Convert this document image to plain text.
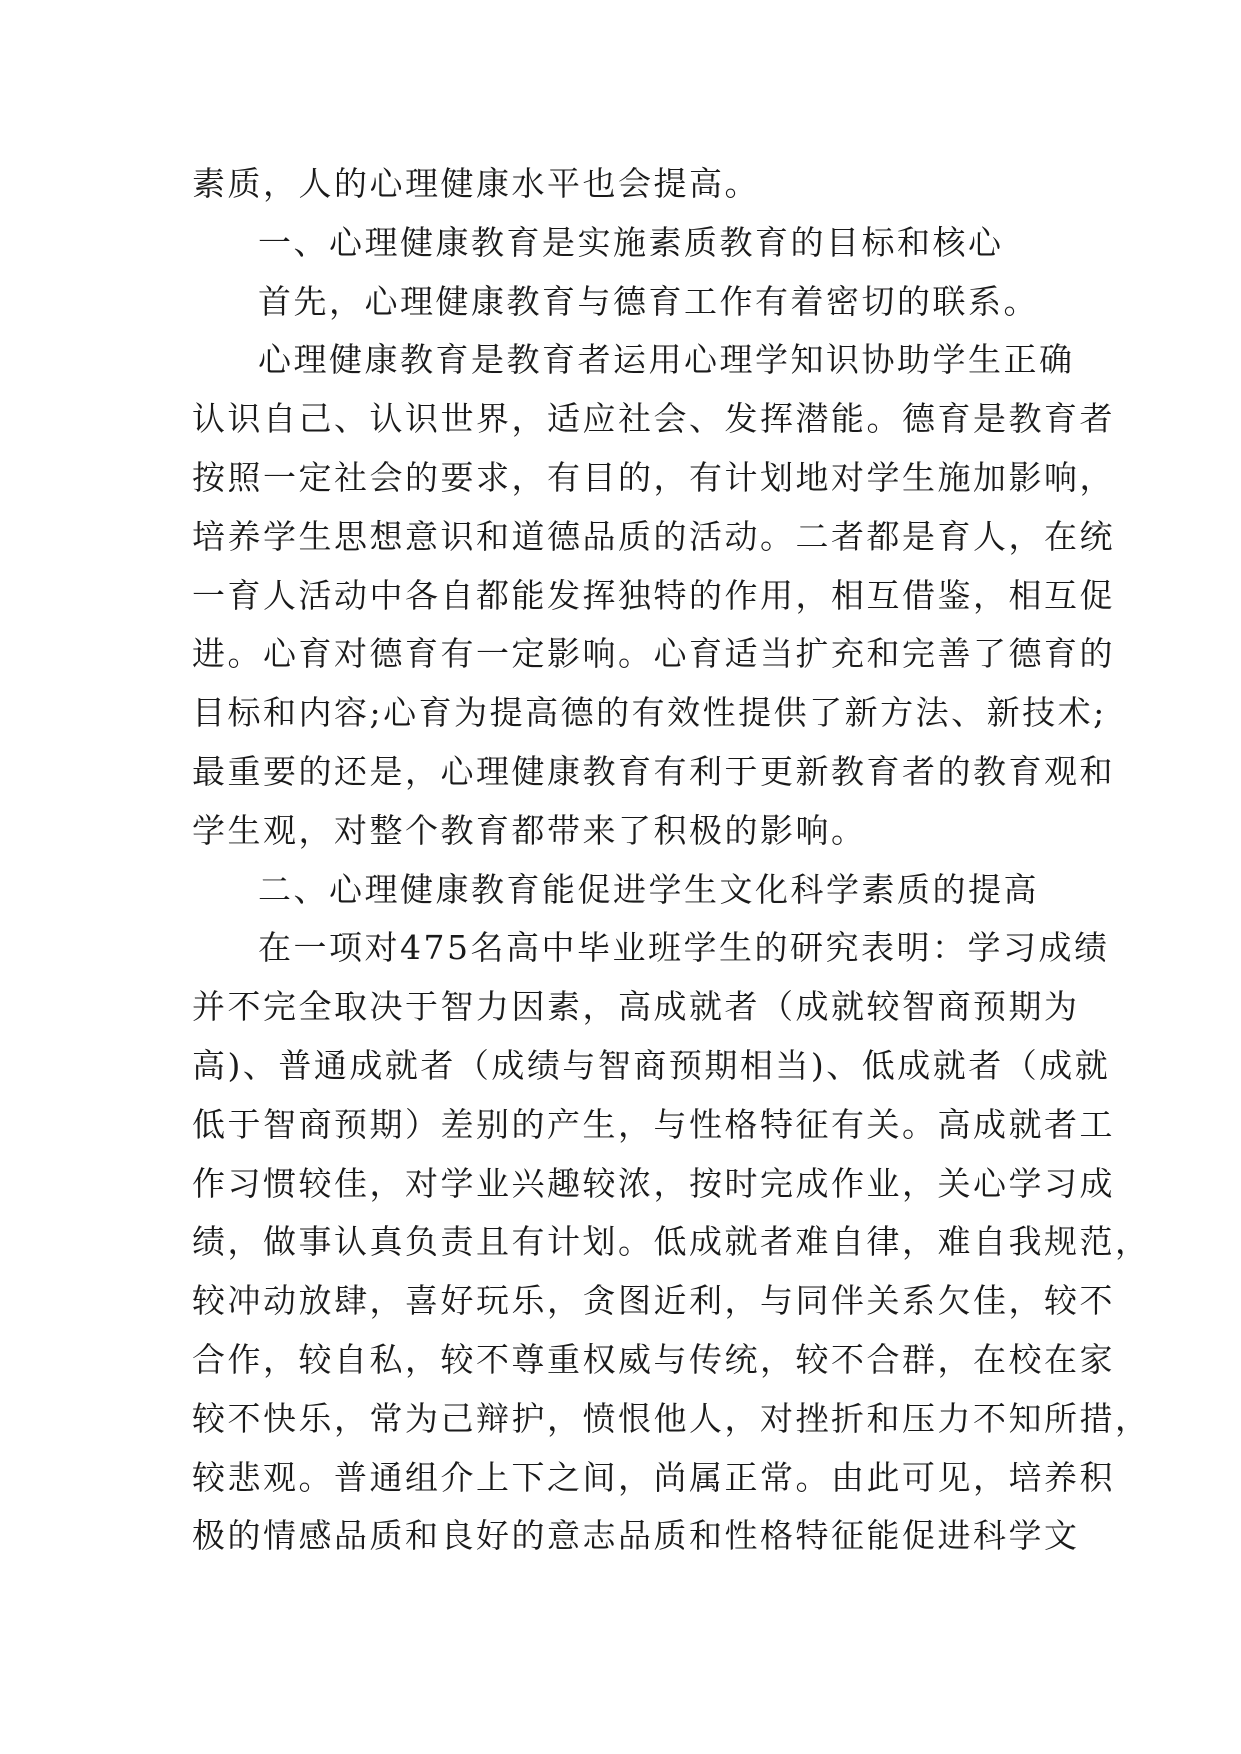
素质，人的心理健康水平也会提高。
一、心理健康教育是实施素质教育的目标和核心
首先，心理健康教育与德育工作有着密切的联系。
心理健康教育是教育者运用心理学知识协助学生正确
认识自己、认识世界，适应社会、发挥潜能。德育是教育者
按照一定社会的要求，有目的，有计划地对学生施加影响，
培养学生思想意识和道德品质的活动。二者都是育人，在统
一育人活动中各自都能发挥独特的作用，相互借鉴，相互促
进。心育对德育有一定影响。心育适当扩充和完善了德育的
目标和内容;心育为提高德的有效性提供了新方法、新技术;
最重要的还是，心理健康教育有利于更新教育者的教育观和
学生观，对整个教育都带来了积极的影响。
二、心理健康教育能促进学生文化科学素质的提高
在一项对475名高中毕业班学生的研究表明：学习成绩
并不完全取决于智力因素，高成就者（成就较智商预期为
高)、普通成就者（成绩与智商预期相当)、低成就者（成就
低于智商预期）差别的产生，与性格特征有关。高成就者工
作习惯较佳，对学业兴趣较浓，按时完成作业，关心学习成
绩，做事认真负责且有计划。低成就者难自律，难自我规范，
较冲动放肆，喜好玩乐，贪图近利，与同伴关系欠佳，较不
合作，较自私，较不尊重权威与传统，较不合群，在校在家
较不快乐，常为己辩护，愤恨他人，对挫折和压力不知所措，
较悲观。普通组介上下之间，尚属正常。由此可见，培养积
极的情感品质和良好的意志品质和性格特征能促进科学文
